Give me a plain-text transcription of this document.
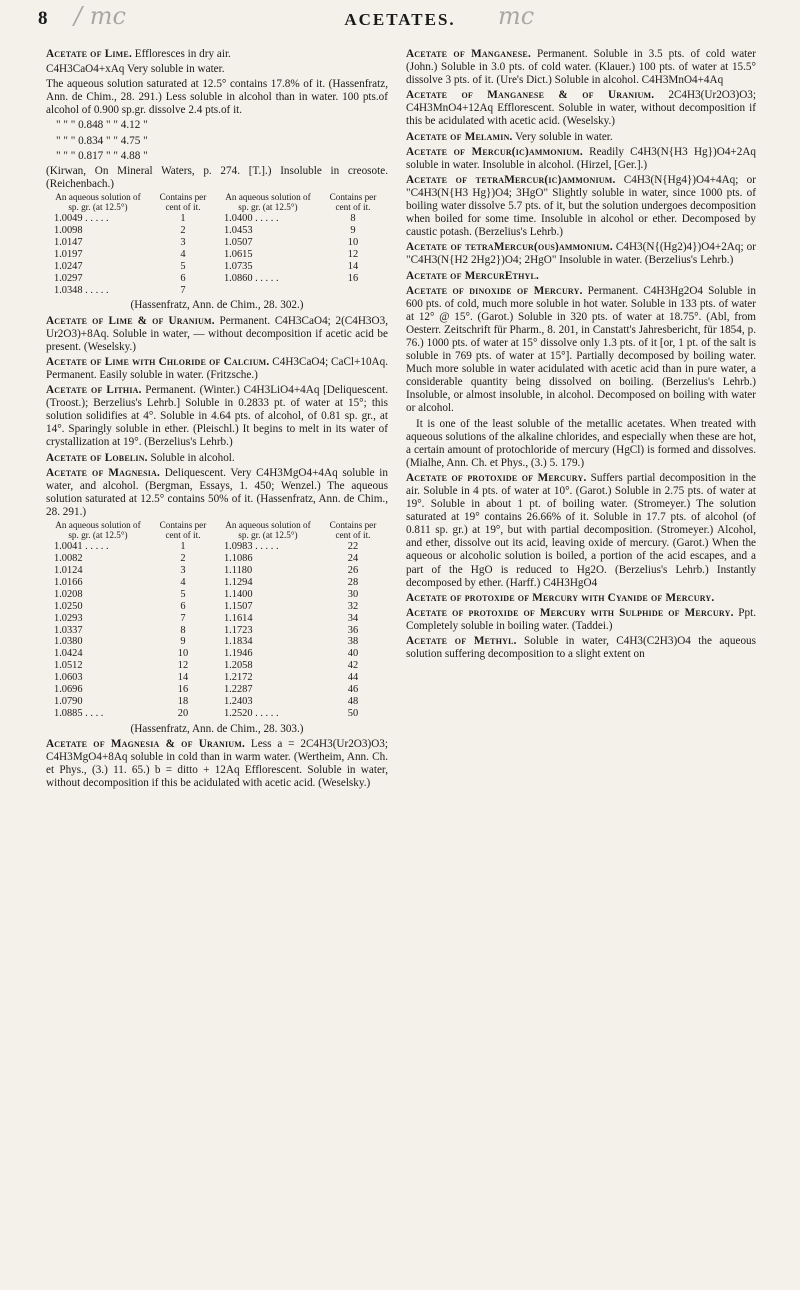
8 / mc	ACETATES.	mc

Acetate of Lime. Effloresces in dry air.

C4H3CaO4+xAq Very soluble in water.

The aqueous solution saturated at 12.5° contains 17.8% of it. (Hassenfratz, Ann. de Chim., 28. 291.) Less soluble in alcohol than in water. 100 pts.of alcohol of 0.900 sp.gr. dissolve 2.4 pts.of it.

" " " 0.848 " " 4.12 "

" " " 0.834 " " 4.75 "

" " " 0.817 " " 4.88 "

(Kirwan, On Mineral Waters, p. 274. [T.].) Insoluble in creosote. (Reichenbach.)

An aqueous solution of sp. gr. (at 12.5°)	Contains per cent of it.	An aqueous solution of sp. gr. (at 12.5°)	Contains per cent of it.
1.0049 . . . . .	1	1.0400 . . . . .	8
1.0098	2	1.0453	9
1.0147	3	1.0507	10
1.0197	4	1.0615	12
1.0247	5	1.0735	14
1.0297	6	1.0860 . . . . .	16
1.0348 . . . . .	7		

(Hassenfratz, Ann. de Chim., 28. 302.)

Acetate of Lime & of Uranium. Permanent. C4H3CaO4; 2(C4H3O3, Ur2O3)+8Aq. Soluble in water, — without decomposition if acetic acid be present. (Weselsky.)

Acetate of Lime with Chloride of Calcium. C4H3CaO4; CaCl+10Aq. Permanent. Easily soluble in water. (Fritzsche.)

Acetate of Lithia. Permanent. (Winter.) C4H3LiO4+4Aq [Deliquescent. (Troost.); Berzelius's Lehrb.] Soluble in 0.2833 pt. of water at 15°; this solution solidifies at 4°. Soluble in 4.64 pts. of alcohol, of 0.81 sp. gr., at 14°. Sparingly soluble in ether. (Pleischl.) It begins to melt in its water of crystallization at 19°. (Berzelius's Lehrb.)

Acetate of Lobelin. Soluble in alcohol.

Acetate of Magnesia. Deliquescent. Very C4H3MgO4+4Aq soluble in water, and alcohol. (Bergman, Essays, 1. 450; Wenzel.) The aqueous solution saturated at 12.5° contains 50% of it. (Hassenfratz, Ann. de Chim., 28. 291.)

An aqueous solution of sp. gr. (at 12.5°)	Contains per cent of it.	An aqueous solution of sp. gr. (at 12.5°)	Contains per cent of it.
1.0041 . . . . .	1	1.0983 . . . . .	22
1.0082	2	1.1086	24
1.0124	3	1.1180	26
1.0166	4	1.1294	28
1.0208	5	1.1400	30
1.0250	6	1.1507	32
1.0293	7	1.1614	34
1.0337	8	1.1723	36
1.0380	9	1.1834	38
1.0424	10	1.1946	40
1.0512	12	1.2058	42
1.0603	14	1.2172	44
1.0696	16	1.2287	46
1.0790	18	1.2403	48
1.0885 . . . .	20	1.2520 . . . . .	50

(Hassenfratz, Ann. de Chim., 28. 303.)

Acetate of Magnesia & of Uranium. Less a = 2C4H3(Ur2O3)O3; C4H3MgO4+8Aq soluble in cold than in warm water. (Wertheim, Ann. Ch. et Phys., (3.) 11. 65.) b = ditto + 12Aq Efflorescent. Soluble in water, without decomposition if this be acidulated with acetic acid. (Weselsky.)

Acetate of Manganese. Permanent. Soluble in 3.5 pts. of cold water (John.) Soluble in 3.0 pts. of cold water. (Klauer.) 100 pts. of water at 15.5° dissolve 3 pts. of it. (Ure's Dict.) Soluble in alcohol. C4H3MnO4+4Aq

Acetate of Manganese & of Uranium. 2C4H3(Ur2O3)O3; C4H3MnO4+12Aq Efflorescent. Soluble in water, without decomposition if this be acidulated with acetic acid. (Weselsky.)

Acetate of Melamin. Very soluble in water.

Acetate of Mercur(ic)ammonium. Readily C4H3(N{H3 Hg})O4+2Aq soluble in water. Insoluble in alcohol. (Hirzel, [Ger.].)

Acetate of tetraMercur(ic)ammonium. C4H3(N{Hg4})O4+4Aq; or "C4H3(N{H3 Hg})O4; 3HgO" Slightly soluble in water, since 1000 pts. of boiling water dissolve 5.7 pts. of it, but the solution undergoes decomposition when boiled for some time. Insoluble in alcohol or ether. Decomposed by caustic potash. (Berzelius's Lehrb.)

Acetate of tetraMercur(ous)ammonium. C4H3(N{(Hg2)4})O4+2Aq; or "C4H3(N{H2 2Hg2})O4; 2HgO" Insoluble in water. (Berzelius's Lehrb.)

Acetate of MercurEthyl.

Acetate of dinoxide of Mercury. Permanent. C4H3Hg2O4 Soluble in 600 pts. of cold, much more soluble in hot water. Soluble in 133 pts. of water at 12° @ 15°. (Garot.) Soluble in 320 pts. of water at 18.75°. (Abl, from Oesterr. Zeitschrift für Pharm., 8. 201, in Canstatt's Jahresbericht, für 1854, p. 76.) 1000 pts. of water at 15° dissolve only 1.3 pts. of it [or, 1 pt. of the salt is soluble in 769 pts. of water at 15°]. Partially decomposed by boiling water. Much more soluble in water acidulated with acetic acid than in pure water, a considerable quantity being dissolved on boiling. (Berzelius's Lehrb.) Insoluble, or almost insoluble, in alcohol. Decomposed on boiling with water or alcohol.

It is one of the least soluble of the metallic acetates. When treated with aqueous solutions of the alkaline chlorides, and especially when these are hot, a certain amount of protochloride of mercury (HgCl) is formed and dissolves. (Mialhe, Ann. Ch. et Phys., (3.) 5. 179.)

Acetate of protoxide of Mercury. Suffers partial decomposition in the air. Soluble in 4 pts. of water at 10°. (Garot.) Soluble in 2.75 pts. of water at 19°. Soluble in about 1 pt. of boiling water. (Stromeyer.) The solution saturated at 19° contains 26.66% of it. Soluble in 17.7 pts. of alcohol (of 0.811 sp. gr.) at 19°, but with partial decomposition. (Stromeyer.) Alcohol, and ether, dissolve out its acid, leaving oxide of mercury. (Garot.) When the aqueous or alcoholic solution is boiled, a portion of the acid escapes, and a part of the HgO is reduced to Hg2O. (Berzelius's Lehrb.) Instantly decomposed by ether. (Harff.) C4H3HgO4

Acetate of protoxide of Mercury with Cyanide of Mercury.

Acetate of protoxide of Mercury with Sulphide of Mercury. Ppt. Completely soluble in boiling water. (Taddei.)

Acetate of Methyl. Soluble in water, C4H3(C2H3)O4 the aqueous solution suffering decomposition to a slight extent on
